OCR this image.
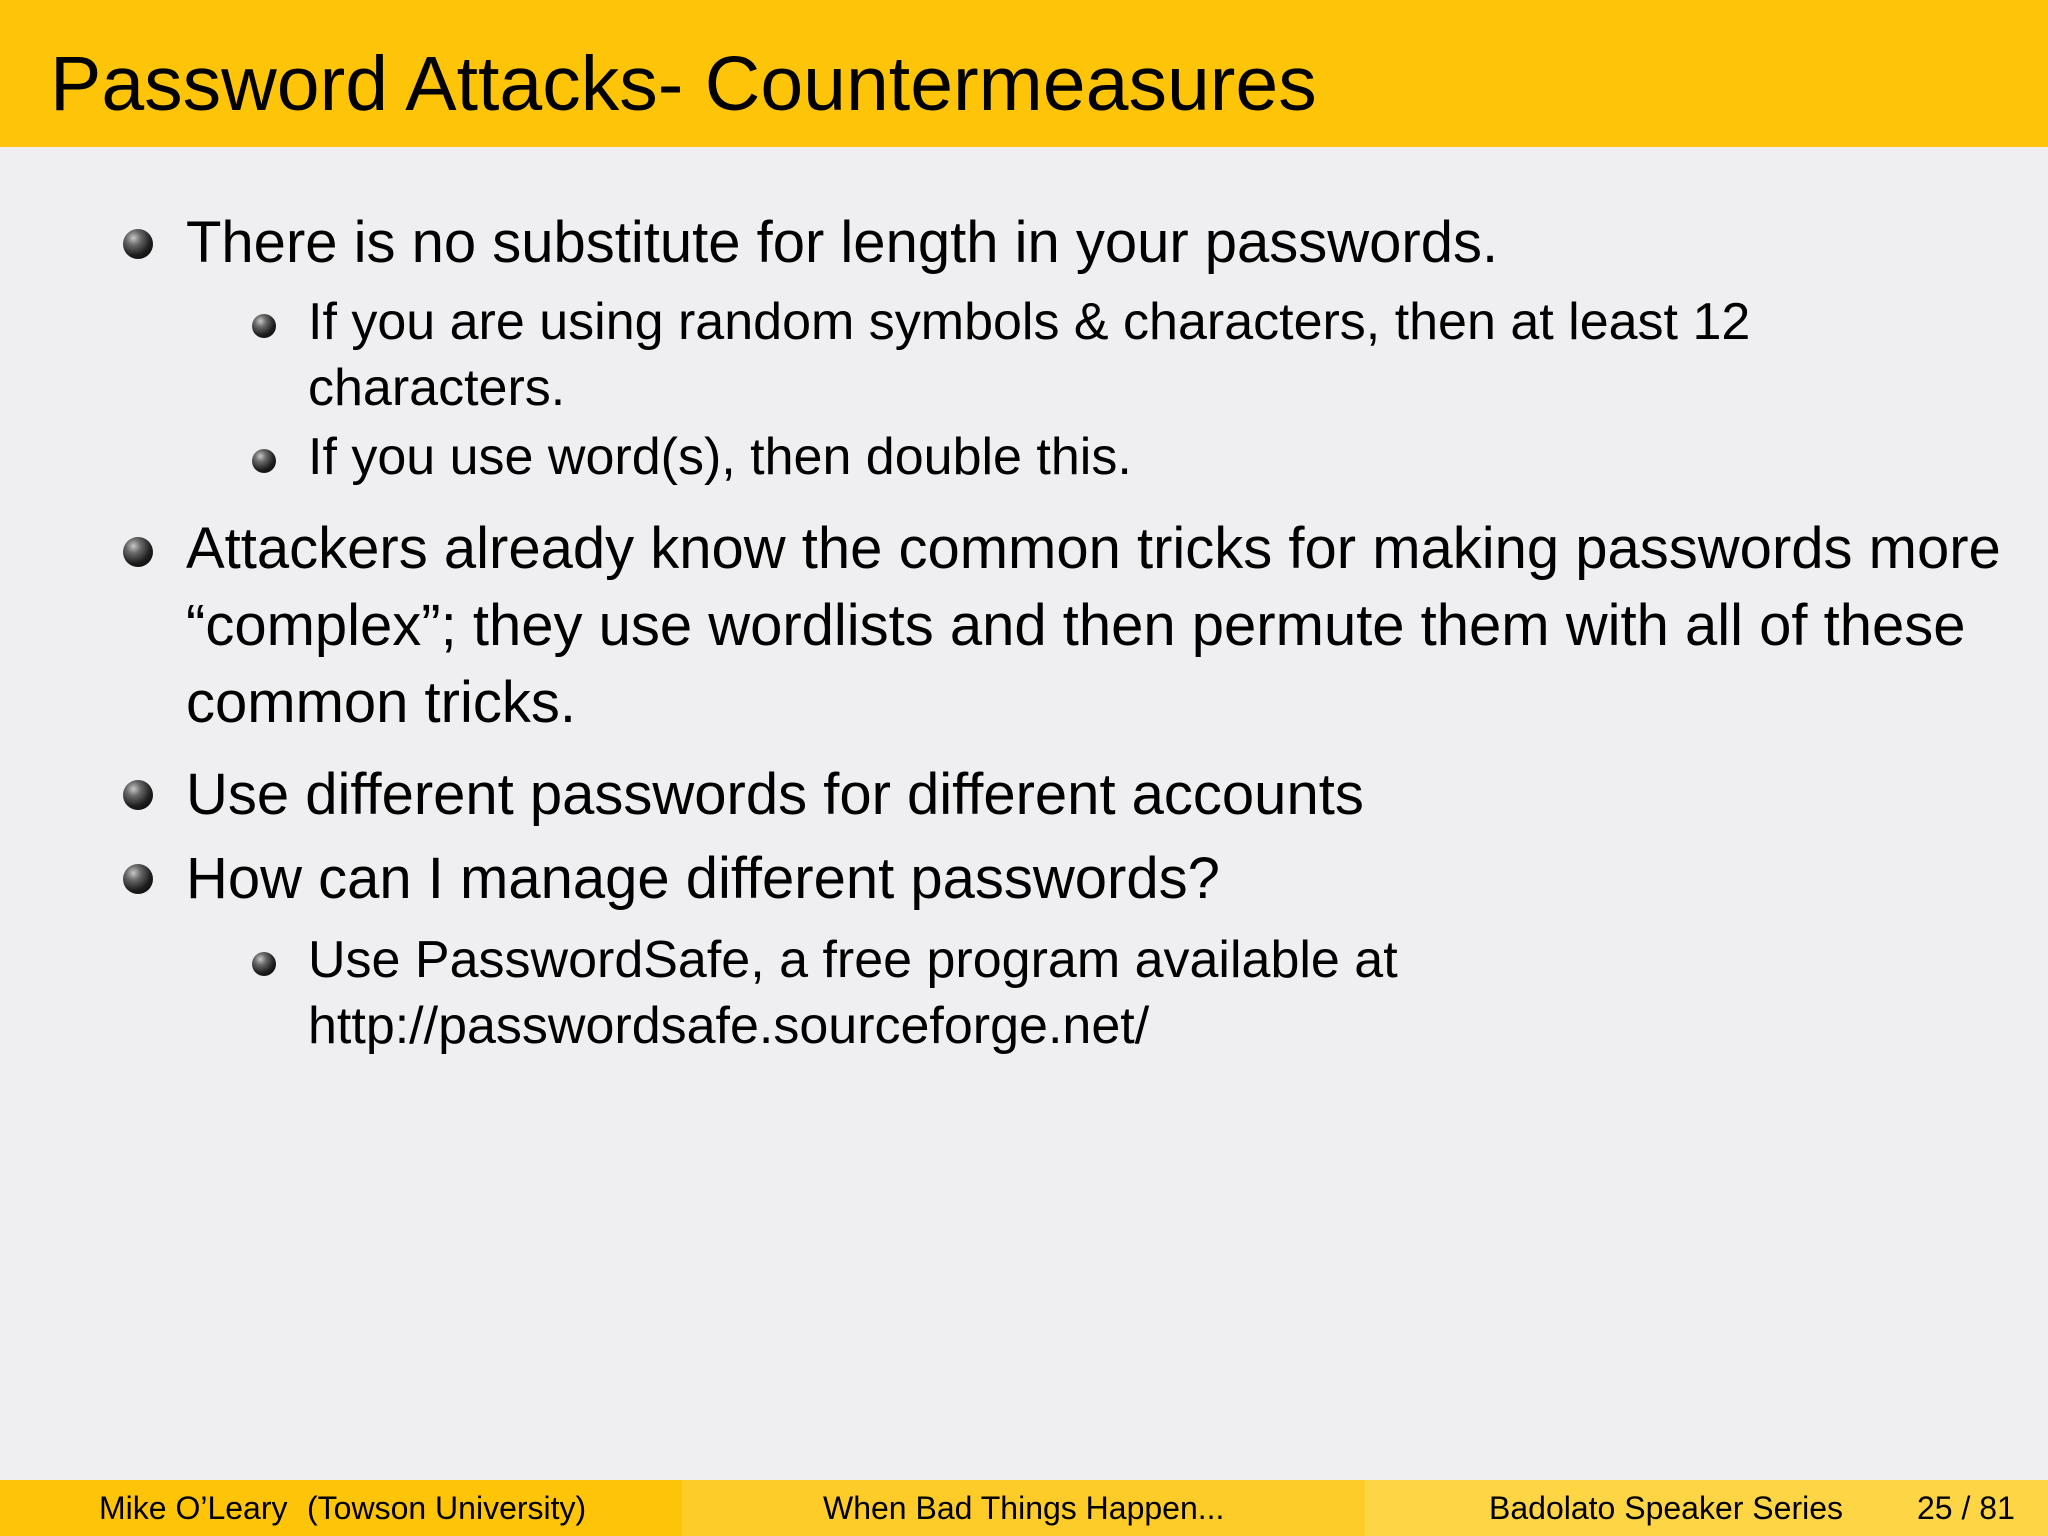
Password Attacks- Countermeasures

There is no substitute for length in your passwords.

If you are using random symbols & characters, then at least 12 characters.

If you use word(s), then double this.

Attackers already know the common tricks for making passwords more “complex”; they use wordlists and then permute them with all of these common tricks.

Use different passwords for different accounts

How can I manage different passwords?

Use PasswordSafe, a free program available at http://passwordsafe.sourceforge.net/

Mike O’Leary (Towson University)	When Bad Things Happen...	Badolato Speaker Series 25 / 81
